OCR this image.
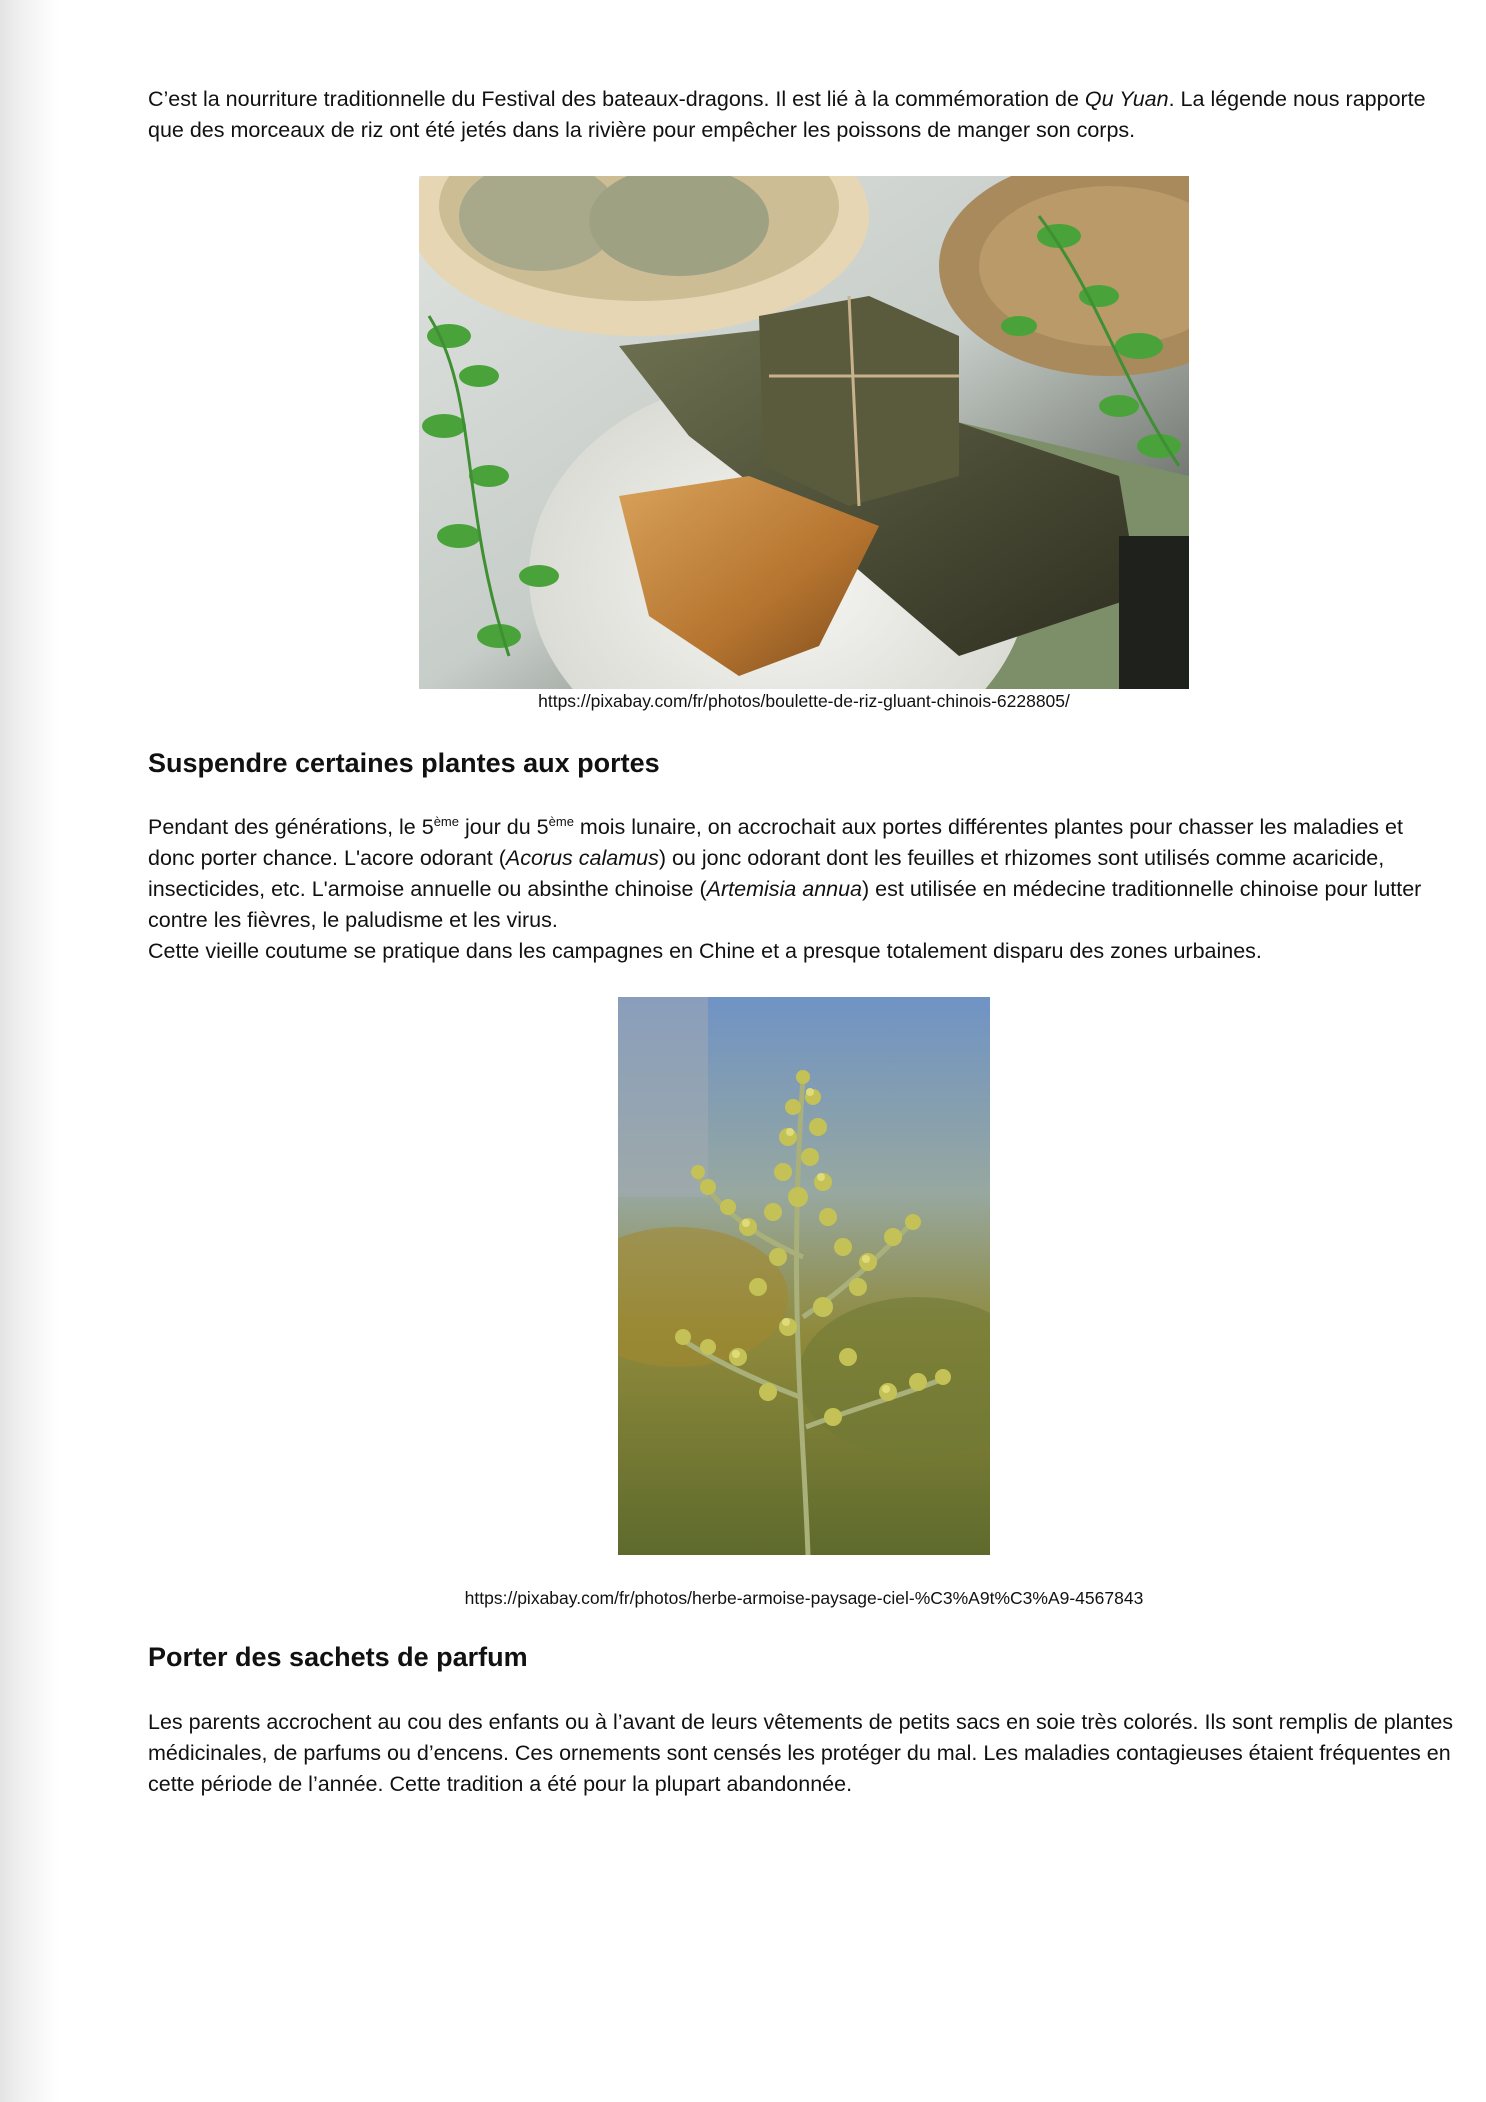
C’est la nourriture traditionnelle du Festival des bateaux-dragons. Il est lié à la commémoration de Qu Yuan. La légende nous rapporte que des morceaux de riz ont été jetés dans la rivière pour empêcher les poissons de manger son corps.

https://pixabay.com/fr/photos/boulette-de-riz-gluant-chinois-6228805/
Suspendre certaines plantes aux portes

Pendant des générations, le 5ème jour du 5ème mois lunaire, on accrochait aux portes différentes plantes pour chasser les maladies et donc porter chance. L'acore odorant (Acorus calamus) ou jonc odorant dont les feuilles et rhizomes sont utilisés comme acaricide, insecticides, etc. L'armoise annuelle ou absinthe chinoise (Artemisia annua) est utilisée en médecine traditionnelle chinoise pour lutter contre les fièvres, le paludisme et les virus.
Cette vieille coutume se pratique dans les campagnes en Chine et a presque totalement disparu des zones urbaines.

https://pixabay.com/fr/photos/herbe-armoise-paysage-ciel-%C3%A9t%C3%A9-4567843
Porter des sachets de parfum

Les parents accrochent au cou des enfants ou à l’avant de leurs vêtements de petits sacs en soie très colorés. Ils sont remplis de plantes médicinales, de parfums ou d’encens. Ces ornements sont censés les protéger du mal. Les maladies contagieuses étaient fréquentes en cette période de l’année. Cette tradition a été pour la plupart abandonnée.
